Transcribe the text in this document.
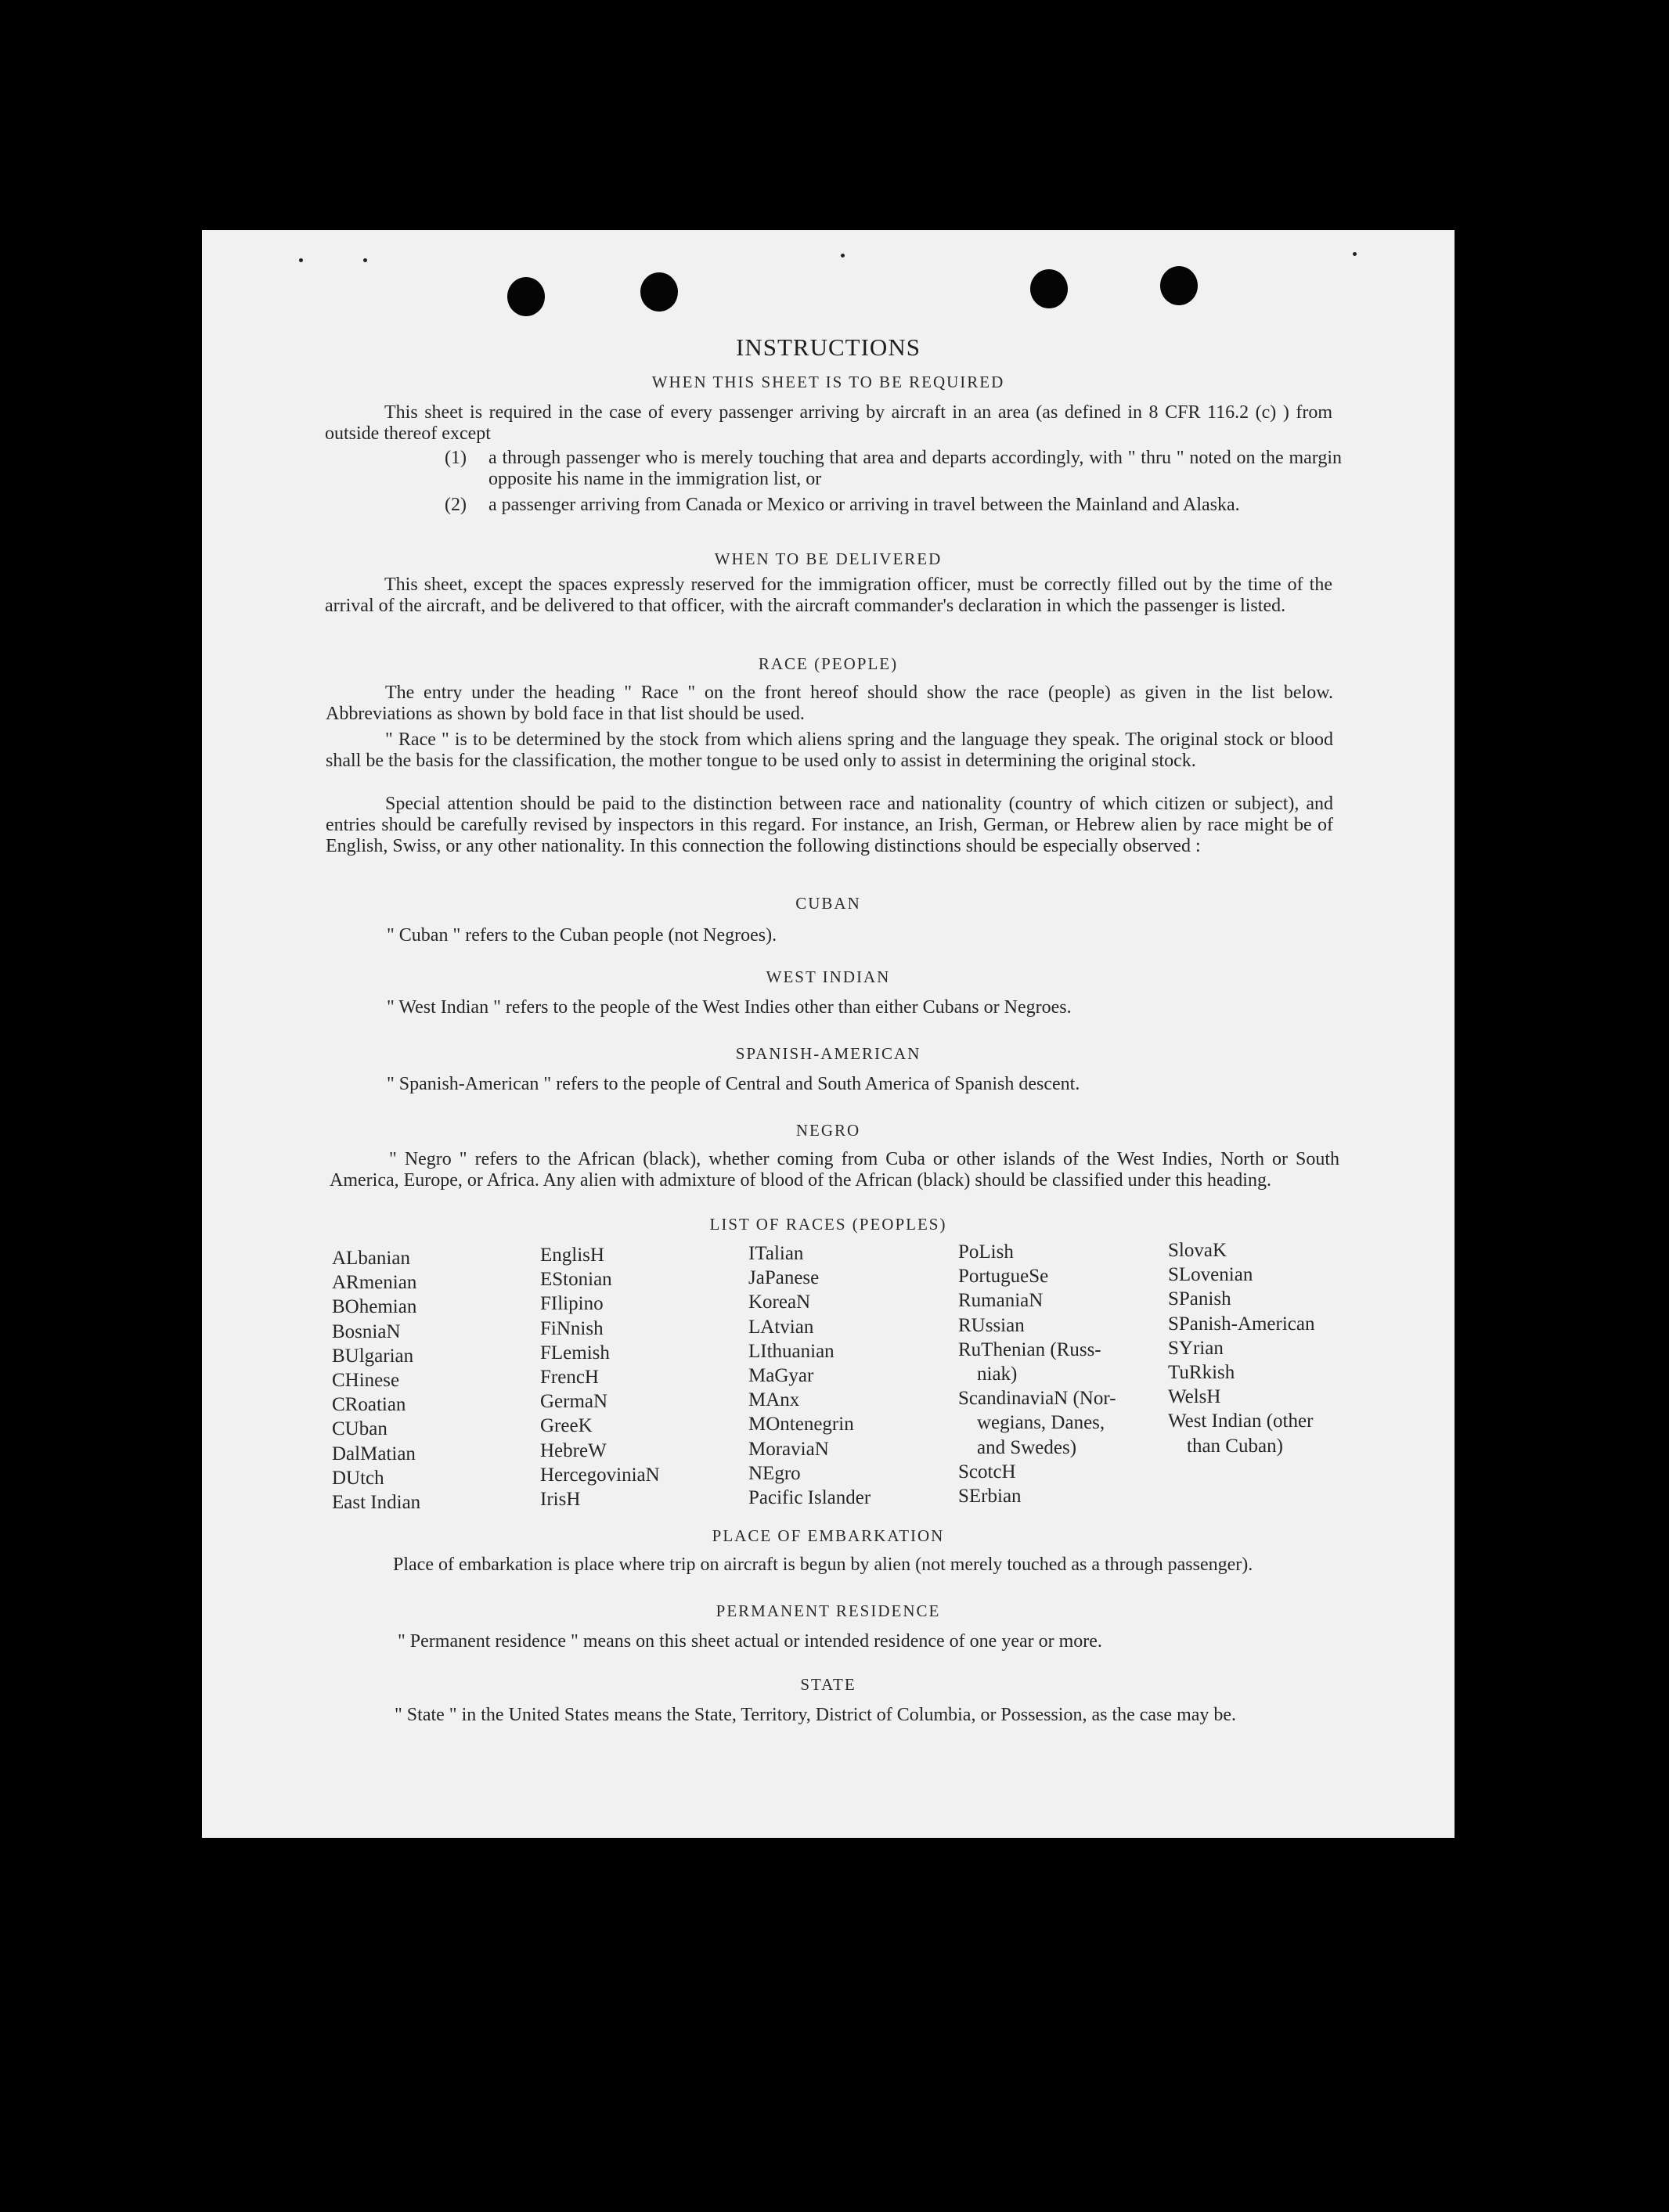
INSTRUCTIONS
WHEN THIS SHEET IS TO BE REQUIRED
This sheet is required in the case of every passenger arriving by aircraft in an area (as defined in 8 CFR 116.2 (c) ) from outside thereof except
(1) a through passenger who is merely touching that area and departs accordingly, with " thru " noted on the margin opposite his name in the immigration list, or
(2) a passenger arriving from Canada or Mexico or arriving in travel between the Mainland and Alaska.
WHEN TO BE DELIVERED
This sheet, except the spaces expressly reserved for the immigration officer, must be correctly filled out by the time of the arrival of the aircraft, and be delivered to that officer, with the aircraft commander's declaration in which the passenger is listed.
RACE (PEOPLE)
The entry under the heading " Race " on the front hereof should show the race (people) as given in the list below. Abbreviations as shown by bold face in that list should be used.
" Race " is to be determined by the stock from which aliens spring and the language they speak. The original stock or blood shall be the basis for the classification, the mother tongue to be used only to assist in determining the original stock.
Special attention should be paid to the distinction between race and nationality (country of which citizen or subject), and entries should be carefully revised by inspectors in this regard. For instance, an Irish, German, or Hebrew alien by race might be of English, Swiss, or any other nationality. In this connection the following distinctions should be especially observed :
CUBAN
" Cuban " refers to the Cuban people (not Negroes).
WEST INDIAN
" West Indian " refers to the people of the West Indies other than either Cubans or Negroes.
SPANISH-AMERICAN
" Spanish-American " refers to the people of Central and South America of Spanish descent.
NEGRO
" Negro " refers to the African (black), whether coming from Cuba or other islands of the West Indies, North or South America, Europe, or Africa. Any alien with admixture of blood of the African (black) should be classified under this heading.
LIST OF RACES (PEOPLES)
ALbanian
ARmenian
BOhemian
BosniaN
BUlgarian
CHinese
CRoatian
CUban
DalMatian
DUtch
East Indian
EnglisH
EStonian
FIlipino
FiNnish
FLemish
FrencH
GermaN
GreeK
HebreW
HercegoviniaN
IrisH
ITalian
JaPanese
KoreaN
LAtvian
LIthuanian
MaGyar
MAnx
MOntenegrin
MoraviaN
NEgro
Pacific Islander
PoLish
PortugueSe
RumaniaN
RUssian
RuThenian (Russ-
niak)
ScandinaviaN (Nor-
wegians, Danes,
and Swedes)
ScotcH
SErbian
SlovaK
SLovenian
SPanish
SPanish-American
SYrian
TuRkish
WelsH
West Indian (other
than Cuban)
PLACE OF EMBARKATION
Place of embarkation is place where trip on aircraft is begun by alien (not merely touched as a through passenger).
PERMANENT RESIDENCE
" Permanent residence " means on this sheet actual or intended residence of one year or more.
STATE
" State " in the United States means the State, Territory, District of Columbia, or Possession, as the case may be.
